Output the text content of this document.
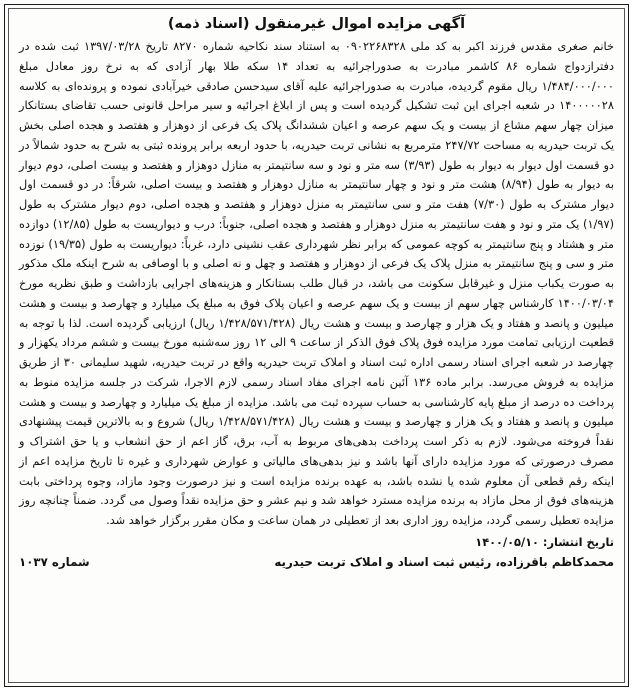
آگهی مزایده اموال غیرمنقول (اسناد ذمه)

خانم صغری مقدس فرزند اکبر به کد ملی ۰۹۰۲۲۶۸۳۲۸ به استناد سند نکاحیه شماره ۸۲۷۰ تاریخ ۱۳۹۷/۰۳/۲۸ ثبت شده در دفترازدواج شماره ۸۶ کاشمر مبادرت به صدوراجرائیه به تعداد ۱۴ سکه طلا بهار آزادی که به نرخ روز معادل مبلغ ۱/۴۸۴/۰۰۰/۰۰۰ ریال مقوم گردیده، مبادرت به صدوراجرائیه علیه آقای سیدحسن صادقی خیرآبادی نموده و پرونده‌ای به کلاسه ۱۴۰۰۰۰۰۲۸ در شعبه اجرای این ثبت تشکیل گردیده است و پس از ابلاغ اجرائیه و سیر مراحل قانونی حسب تقاضای بستانکار میزان چهار سهم مشاع از بیست و یک سهم عرصه و اعیان ششدانگ پلاک یک فرعی از دوهزار و هفتصد و هجده اصلی بخش یک تربت حیدریه به مساحت ۲۴۷/۷۲ مترمربع به نشانی تربت حیدریه، با حدود اربعه برابر پرونده ثبتی به شرح به حدود شمالاً در دو قسمت اول دیوار به دیوار به طول (۳/۹۳) سه متر و نود و سه سانتیمتر به منازل دوهزار و هفتصد و بیست اصلی، دوم دیوار به دیوار به طول (۸/۹۴) هشت متر و نود و چهار سانتیمتر به منازل دوهزار و هفتصد و بیست اصلی، شرقاً: در دو قسمت اول دیوار مشترک به طول (۷/۳۰) هفت متر و سی سانتیمتر به منزل دوهزار و هفتصد و هجده اصلی، دوم دیوار مشترک به طول (۱/۹۷) یک متر و نود و هفت سانتیمتر به منزل دوهزار و هفتصد و هجده اصلی، جنوباً: درب و دیواریست به طول (۱۲/۸۵) دوازده متر و هشتاد و پنج سانتیمتر به کوچه عمومی که برابر نظر شهرداری عقب نشینی دارد، غرباً: دیواریست به طول (۱۹/۳۵) نوزده متر و سی و پنج سانتیمتر به منزل پلاک یک فرعی از دوهزار و هفتصد و چهل و نه اصلی و با اوصافی به شرح اینکه ملک مذکور به صورت یکباب منزل و غیرقابل سکونت می باشد، در قبال طلب بستانکار و هزینه‌های اجرایی بازداشت و طبق نظریه مورخ ۱۴۰۰/۰۳/۰۴ کارشناس چهار سهم از بیست و یک سهم عرصه و اعیان پلاک فوق به مبلغ یک میلیارد و چهارصد و بیست و هشت میلیون و پانصد و هفتاد و یک هزار و چهارصد و بیست و هشت ریال (۱/۴۲۸/۵۷۱/۴۲۸ ریال) ارزیابی گردیده است. لذا با توجه به قطعیت ارزیابی تمامت مورد مزایده فوق پلاک فوق الذکر از ساعت ۹ الی ۱۲ روز سه‌شنبه مورخ بیست و ششم مرداد یکهزار و چهارصد در شعبه اجرای اسناد رسمی اداره ثبت اسناد و املاک تربت حیدریه واقع در تربت حیدریه، شهید سلیمانی ۳۰ از طریق مزایده به فروش می‌رسد. برابر ماده ۱۳۶ آئین نامه اجرای مفاد اسناد رسمی لازم الاجرا، شرکت در جلسه مزایده منوط به پرداخت ده درصد از مبلغ پایه کارشناسی به حساب سپرده ثبت می باشد. مزایده از مبلغ یک میلیارد و چهارصد و بیست و هشت میلیون و پانصد و هفتاد و یک هزار و چهارصد و بیست و هشت ریال (۱/۴۲۸/۵۷۱/۴۲۸ ریال) شروع و به بالاترین قیمت پیشنهادی نقداً فروخته می‌شود. لازم به ذکر است پرداخت بدهی‌های مربوط به آب، برق، گاز اعم از حق انشعاب و یا حق اشتراک و مصرف درصورتی که مورد مزایده دارای آنها باشد و نیز بدهی‌های مالیاتی و عوارض شهرداری و غیره تا تاریخ مزایده اعم از اینکه رقم قطعی آن معلوم شده یا نشده باشد، به عهده برنده مزایده است و نیز درصورت وجود مازاد، وجوه پرداختی بابت هزینه‌های فوق از محل مازاد به برنده مزایده مسترد خواهد شد و نیم عشر و حق مزایده نقداً وصول می گردد. ضمناً چنانچه روز مزایده تعطیل رسمی گردد، مزایده روز اداری بعد از تعطیلی در همان ساعت و مکان مقرر برگزار خواهد شد.

تاریخ انتشار: ۱۴۰۰/۰۵/۱۰
محمدکاظم باقرزاده، رئیس ثبت اسناد و املاک تربت حیدریه
شماره ۱۰۳۷
